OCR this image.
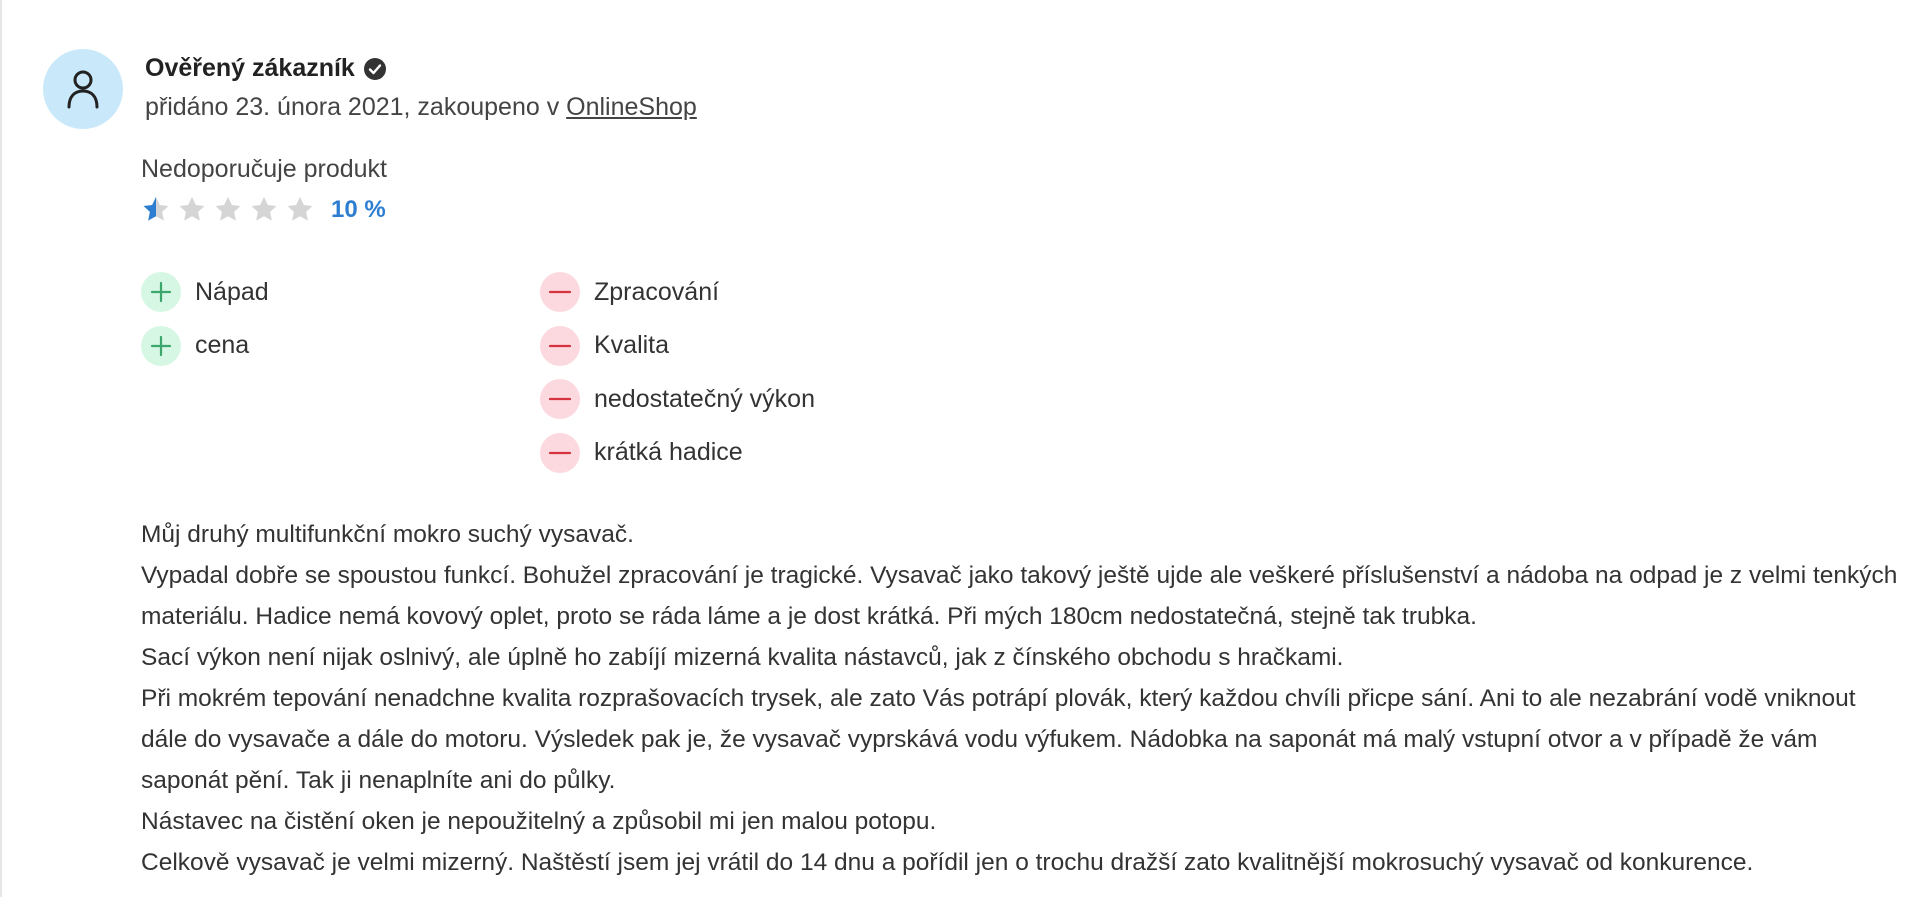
Ověřený zákazník
přidáno 23. února 2021, zakoupeno v OnlineShop
Nedoporučuje produkt
10 %
Nápad
cena
Zpracování
Kvalita
nedostatečný výkon
krátká hadice

Můj druhý multifunkční mokro suchý vysavač.

Vypadal dobře se spoustou funkcí. Bohužel zpracování je tragické. Vysavač jako takový ještě ujde ale veškeré příslušenství a nádoba na odpad je z velmi tenkých materiálu. Hadice nemá kovový oplet, proto se ráda láme a je dost krátká. Při mých 180cm nedostatečná, stejně tak trubka.

Sací výkon není nijak oslnivý, ale úplně ho zabíjí mizerná kvalita nástavců, jak z čínského obchodu s hračkami.

Při mokrém tepování nenadchne kvalita rozprašovacích trysek, ale zato Vás potrápí plovák, který každou chvíli přicpe sání. Ani to ale nezabrání vodě vniknout dále do vysavače a dále do motoru. Výsledek pak je, že vysavač vyprskává vodu výfukem. Nádobka na saponát má malý vstupní otvor a v případě že vám saponát pění. Tak ji nenaplníte ani do půlky.

Nástavec na čistění oken je nepoužitelný a způsobil mi jen malou potopu.

Celkově vysavač je velmi mizerný. Naštěstí jsem jej vrátil do 14 dnu a pořídil jen o trochu dražší zato kvalitnější mokrosuchý vysavač od konkurence.
